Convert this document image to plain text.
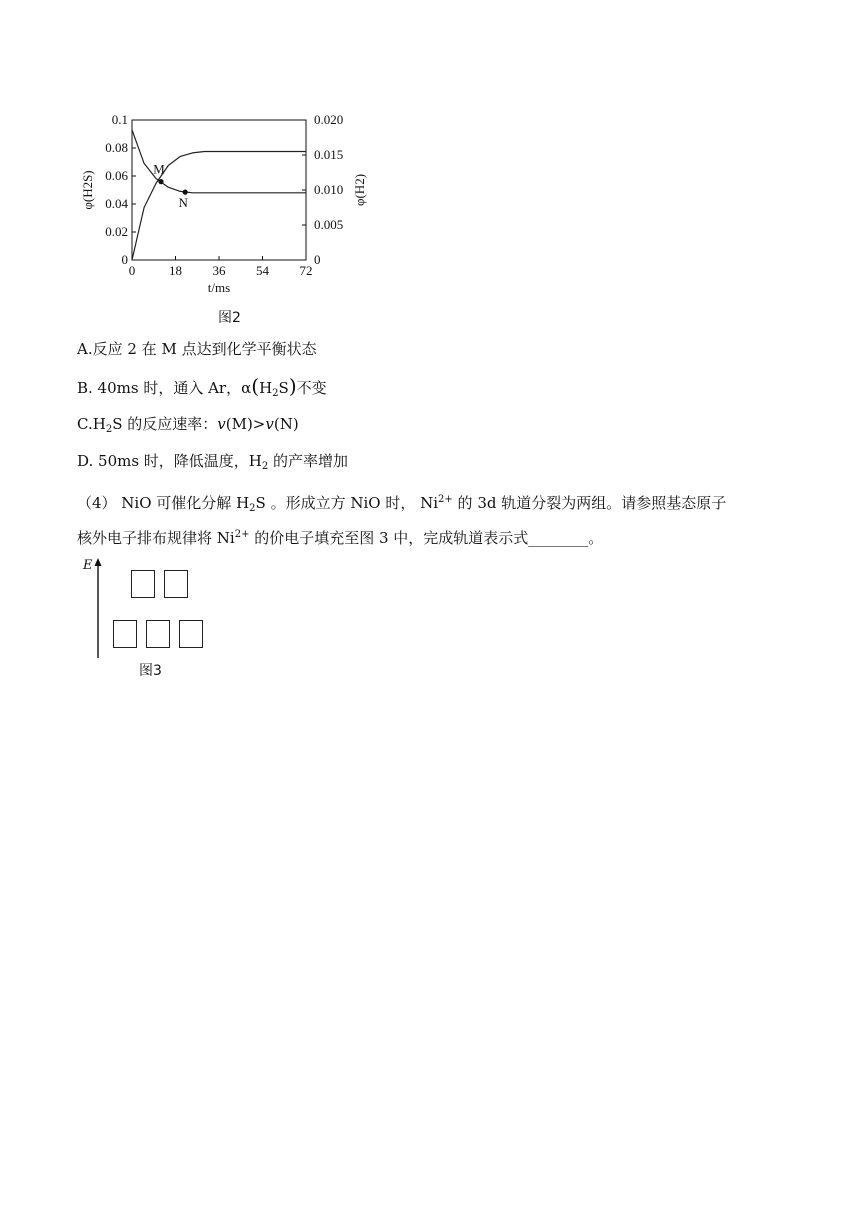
0
0.02
0.04
0.06
0.08
0.1
0
0.005
0.010
0.015
0.020
0	18 36 54 72
t/ms
φ(H2S)	φ(H2)
M
N
图2
A.反应 2 在 M 点达到化学平衡状态
B. 40ms 时，通入 Ar，$\alpha(H_2S)$不变
$C.H_2S$ 的反应速率：v(M)>v(N)
D. 50ms 时，降低温度，$H_2$ 的产率增加
（4） NiO 可催化分解 $H_2S$ 。形成立方 NiO 时， $Ni^{2+}$ 的 3d 轨道分裂为两组。请参照基态原子
核外电子排布规律将 $Ni^{2+}$ 的价电子填充至图 3 中，完成轨道表示式________。
E
图3
